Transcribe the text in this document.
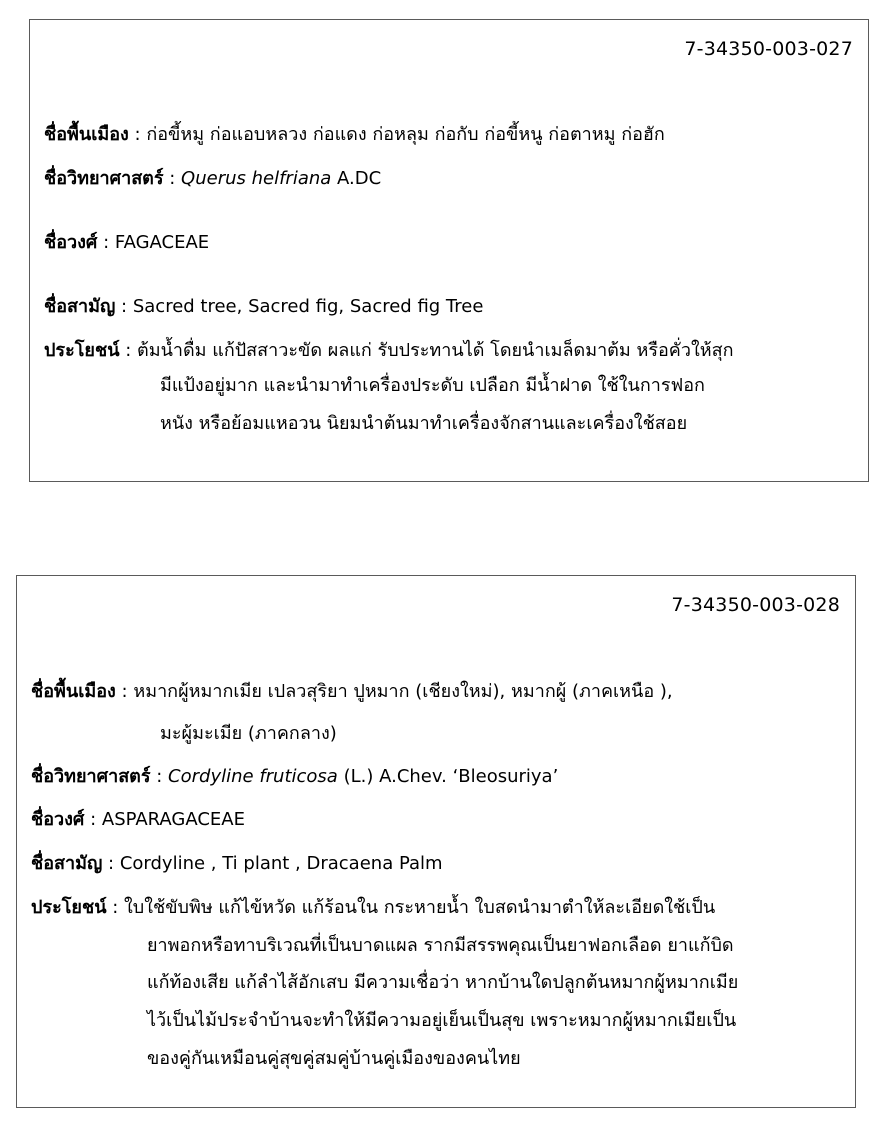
7-34350-003-027
ชื่อพื้นเมือง : ก่อขี้หมู ก่อแอบหลวง ก่อแดง ก่อหลุม ก่อกับ ก่อขี้หนู ก่อตาหมู ก่อฮัก
ชื่อวิทยาศาสตร์ : Querus helfriana A.DC
ชื่อวงศ์ : FAGACEAE
ชื่อสามัญ : Sacred tree, Sacred fig, Sacred fig Tree
ประโยชน์ : ต้มน้ำดื่ม แก้ปัสสาวะขัด ผลแก่ รับประทานได้ โดยนำเมล็ดมาต้ม หรือคั่วให้สุก
มีแป้งอยู่มาก และนำมาทำเครื่องประดับ เปลือก มีน้ำฝาด ใช้ในการฟอก
หนัง หรือย้อมแหอวน นิยมนำต้นมาทำเครื่องจักสานและเครื่องใช้สอย
7-34350-003-028
ชื่อพื้นเมือง : หมากผู้หมากเมีย เปลวสุริยา ปูหมาก (เชียงใหม่), หมากผู้ (ภาคเหนือ ),
มะผู้มะเมีย (ภาคกลาง)
ชื่อวิทยาศาสตร์ : Cordyline fruticosa (L.) A.Chev. ‘Bleosuriya’
ชื่อวงศ์ : ASPARAGACEAE
ชื่อสามัญ : Cordyline , Ti plant , Dracaena Palm
ประโยชน์ : ใบใช้ขับพิษ แก้ไข้หวัด แก้ร้อนใน กระหายน้ำ ใบสดนำมาตำให้ละเอียดใช้เป็น
ยาพอกหรือทาบริเวณที่เป็นบาดแผล รากมีสรรพคุณเป็นยาฟอกเลือด ยาแก้บิด
แก้ท้องเสีย แก้ลำไส้อักเสบ มีความเชื่อว่า หากบ้านใดปลูกต้นหมากผู้หมากเมีย
ไว้เป็นไม้ประจำบ้านจะทำให้มีความอยู่เย็นเป็นสุข เพราะหมากผู้หมากเมียเป็น
ของคู่กันเหมือนคู่สุขคู่สมคู่บ้านคู่เมืองของคนไทย
